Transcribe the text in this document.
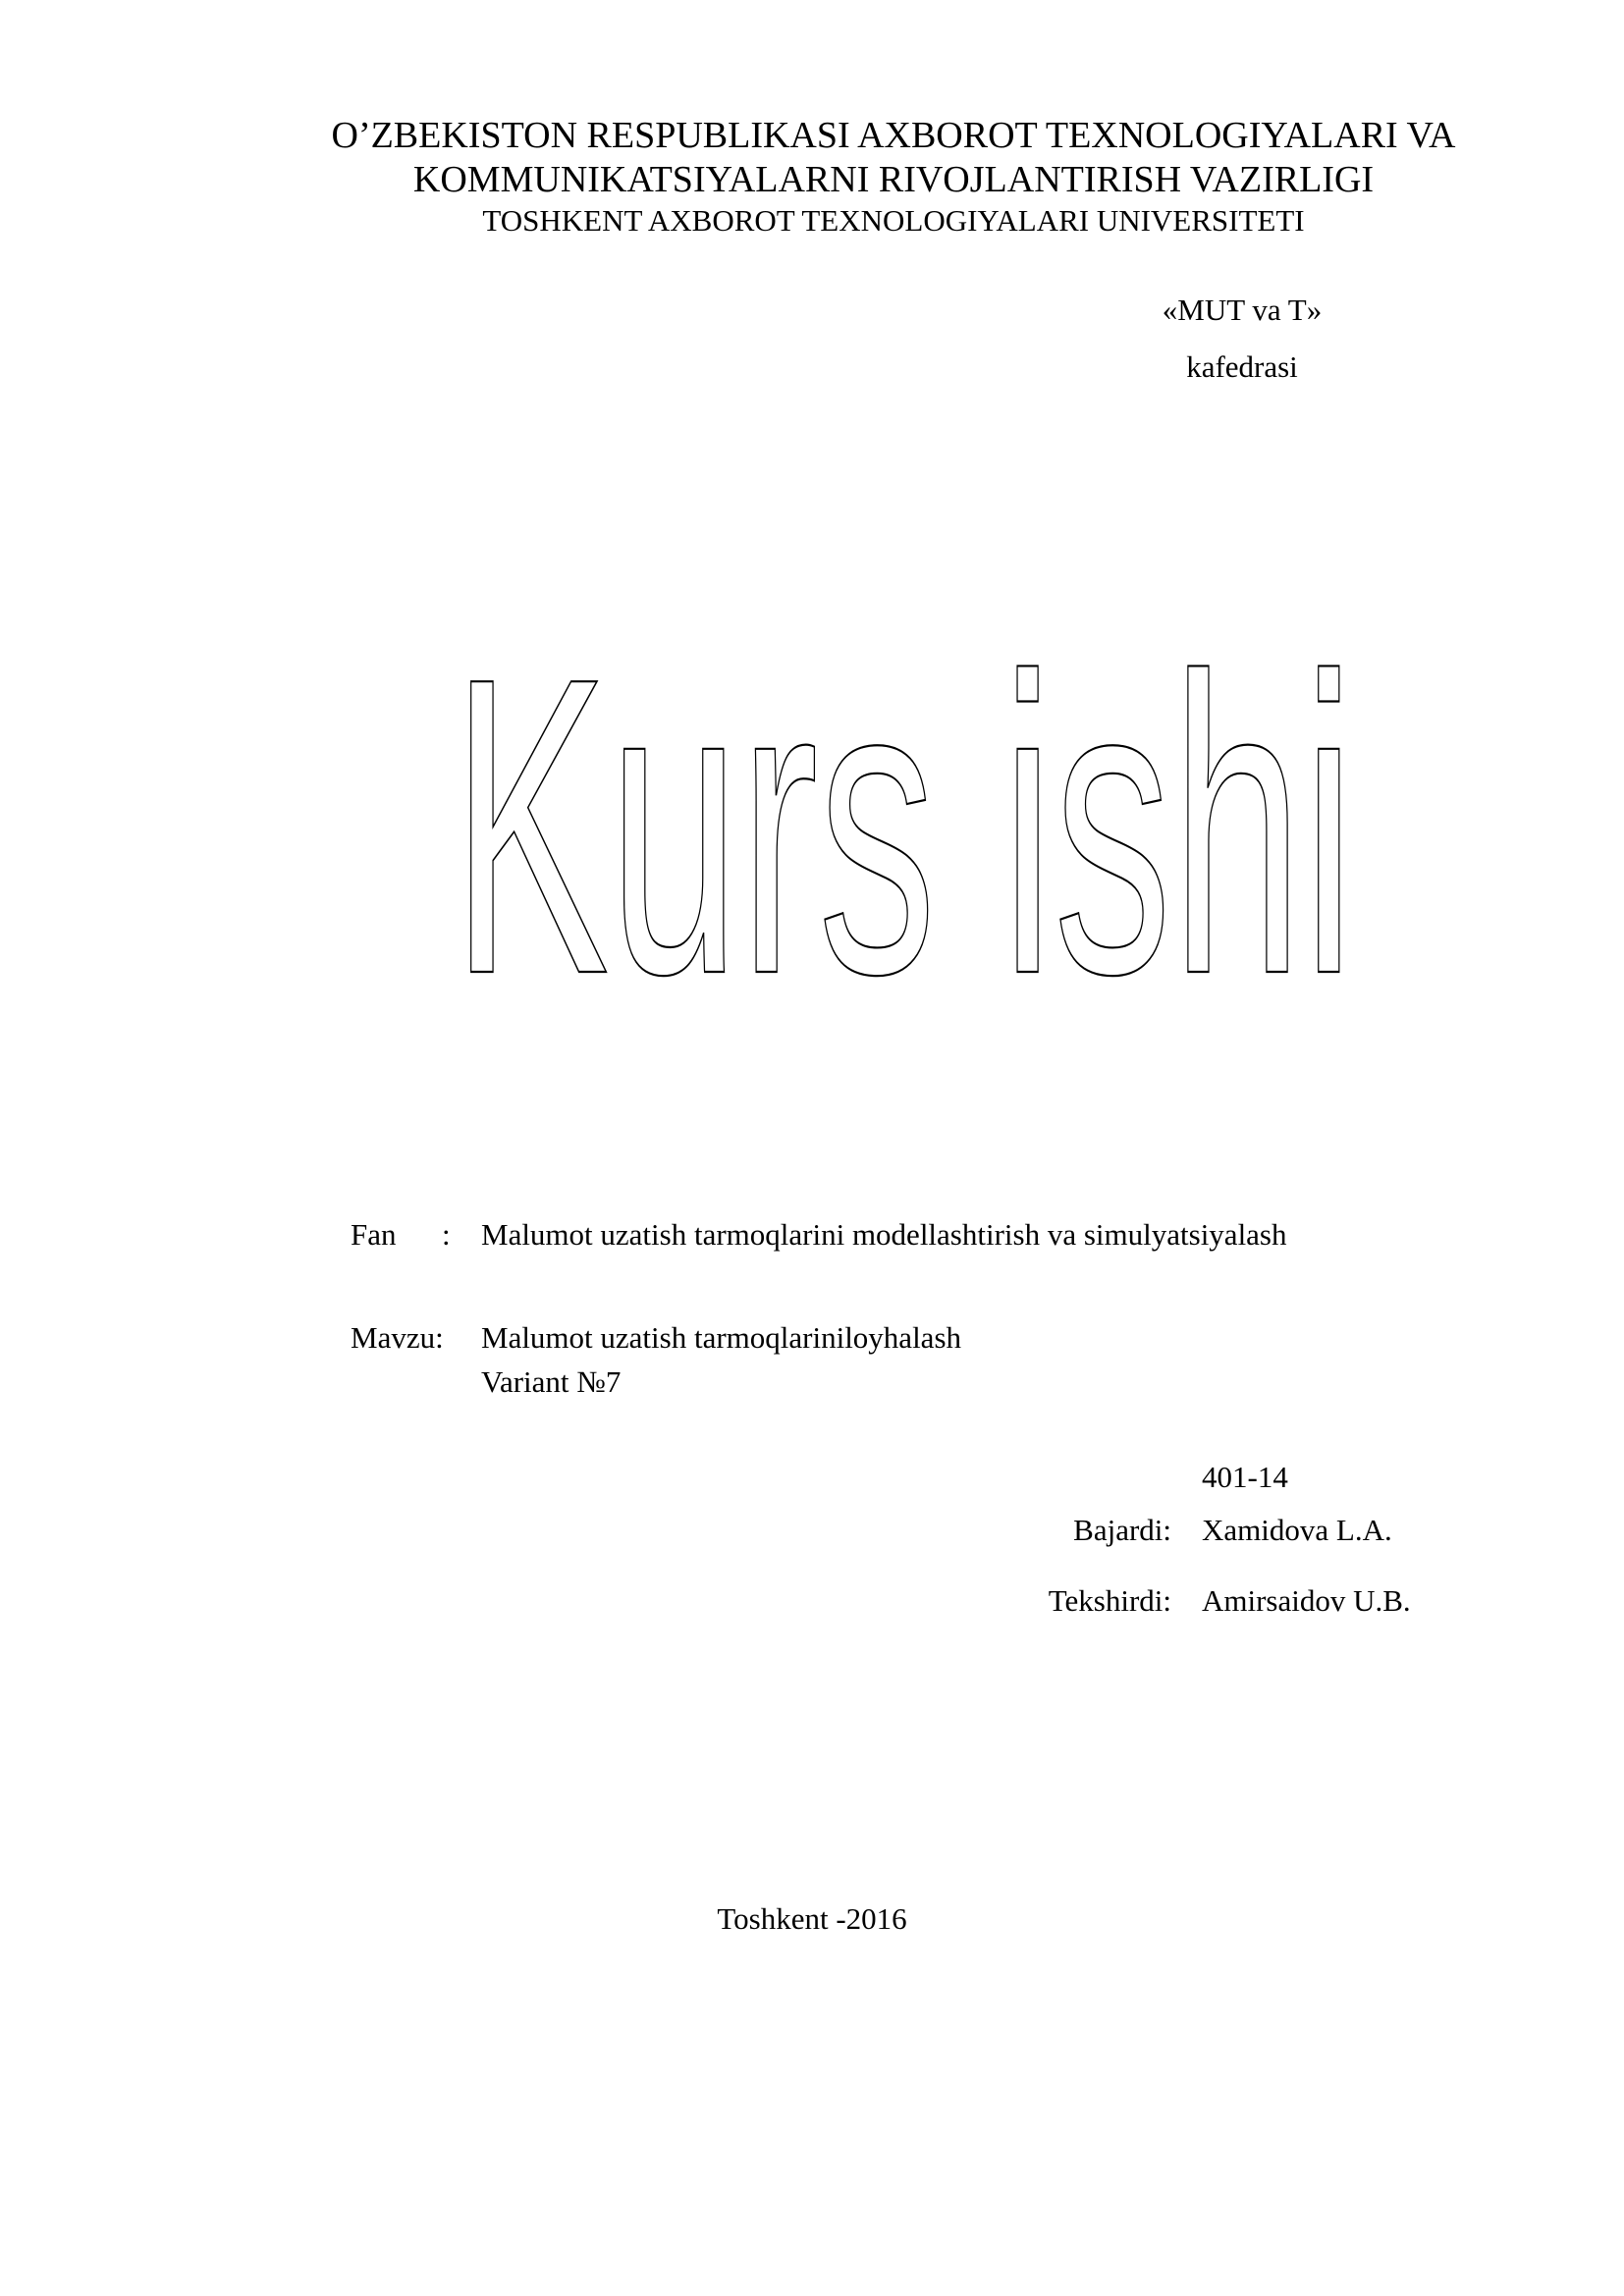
O’ZBEKISTON RESPUBLIKASI AXBOROT TEXNOLOGIYALARI VA
KOMMUNIKATSIYALARNI RIVOJLANTIRISH VAZIRLIGI
TOSHKENT AXBOROT TEXNOLOGIYALARI UNIVERSITETI
«MUT va T»
kafedrasi
Kurs ishi
Fan : Malumot uzatish tarmoqlarini modellashtirish va simulyatsiyalash
Mavzu: Malumot uzatish tarmoqlariniloyhalash
Variant №7
401-14
Bajardi: Xamidova L.A.
Tekshirdi: Amirsaidov U.B.
Toshkent -2016
